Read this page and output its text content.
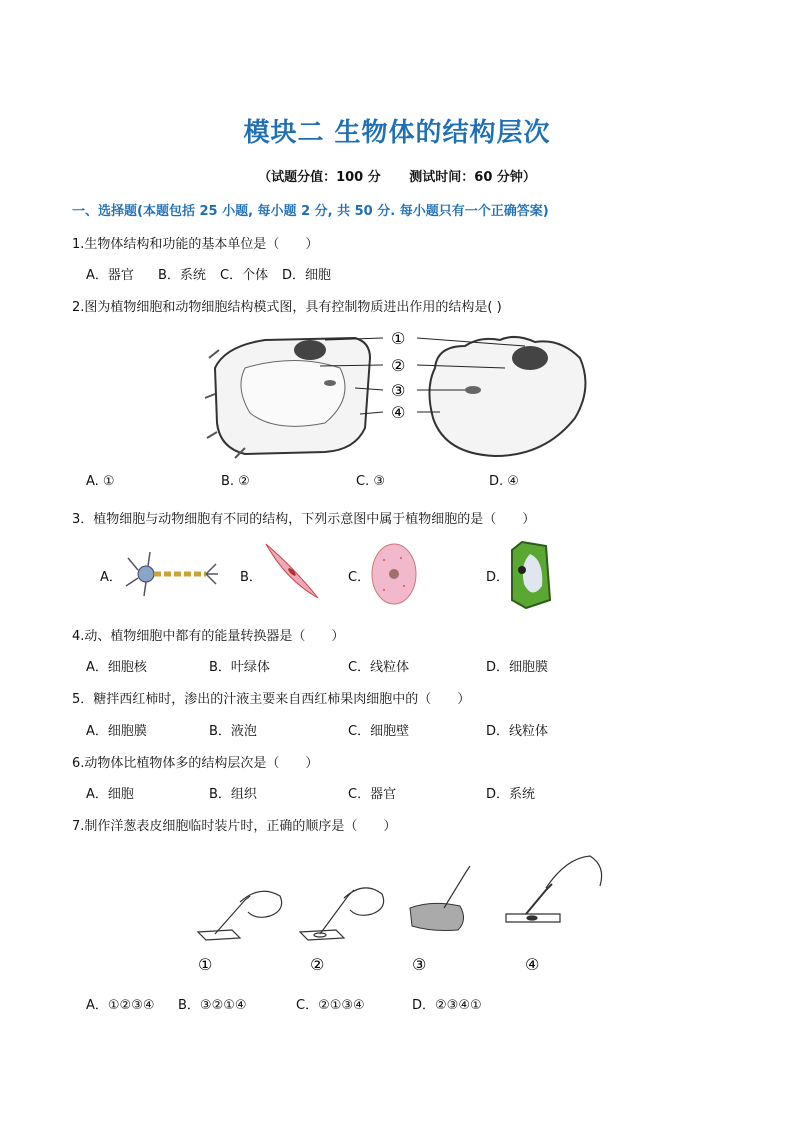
模块二 生物体的结构层次
（试题分值：100 分 测试时间：60 分钟）
一、选择题(本题包括 25 小题, 每小题 2 分, 共 50 分. 每小题只有一个正确答案)
1.生物体结构和功能的基本单位是（　　）
A．器官 B．系统 C．个体 D．细胞
2.图为植物细胞和动物细胞结构模式图，具有控制物质进出作用的结构是( )
①
②
③
④
A. ①	B. ②	C. ③	D. ④
3．植物细胞与动物细胞有不同的结构，下列示意图中属于植物细胞的是（　　）
A．	B．	C．	D．
4.动、植物细胞中都有的能量转换器是（　　）
A．细胞核	B．叶绿体	C．线粒体	D．细胞膜
5．糖拌西红柿时，渗出的汁液主要来自西红柿果肉细胞中的（　　）
A．细胞膜	B．液泡	C．细胞壁	D．线粒体
6.动物体比植物体多的结构层次是（　　）
A．细胞	B．组织	C．器官	D．系统
7.制作洋葱表皮细胞临时装片时，正确的顺序是（　　）
①	②	③	④
A．①②③④ B．③②①④	C．②①③④	D．②③④①
